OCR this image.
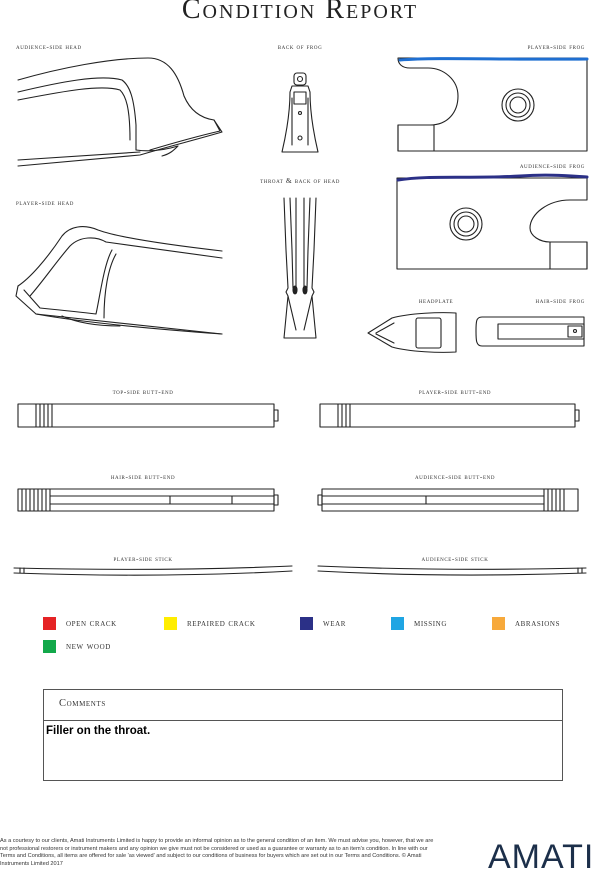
Condition Report
audience-side head	back of frog	player-side frog
throat & back of head
audience-side frog
player-side head
headplate	hair-side frog
top-side butt-end	player-side butt-end
hair-side butt-end	audience-side butt-end
player-side stick	audience-side stick
open crack	repaired crack	wear	missing	abrasions
new wood
Comments
Filler on the throat.
As a courtesy to our clients, Amati Instruments Limited is happy to provide an informal opinion as to the general condition of an item. We must advise you, however, that we are not professional restorers or instrument makers and any opinion we give must not be considered or used as a guarantee or warranty as to an item's condition. In line with our Terms and Conditions, all items are offered for sale 'as viewed' and subject to our conditions of business for buyers which are set out in our Terms and Conditions. © Amati Instruments Limited 2017	AMATI
